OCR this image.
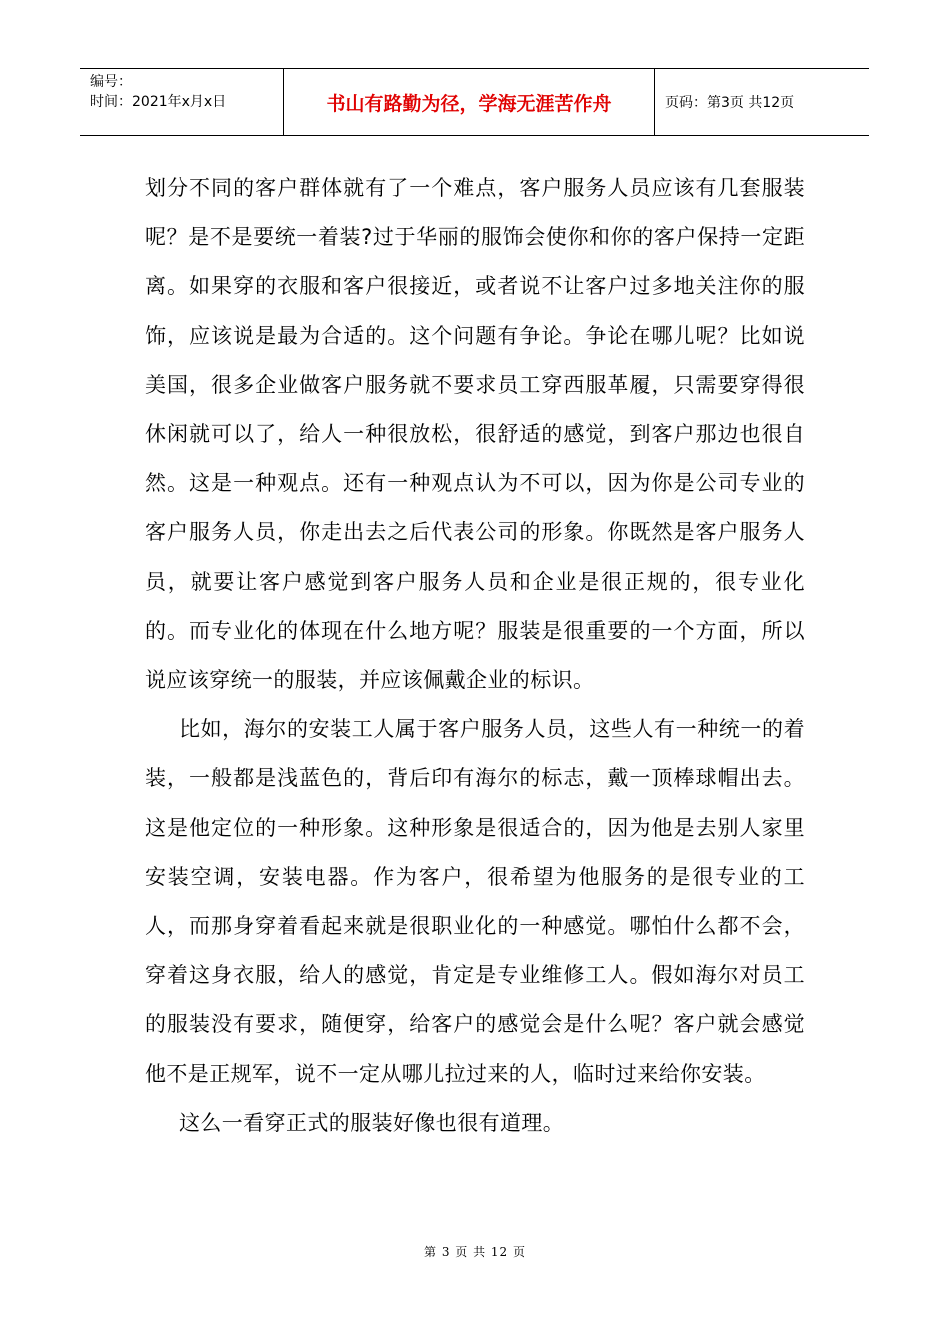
编号：
时间：2021年x月x日	书山有路勤为径，学海无涯苦作舟	页码：第3页 共12页

划分不同的客户群体就有了一个难点，客户服务人员应该有几套服装呢？是不是要统一着装?过于华丽的服饰会使你和你的客户保持一定距离。如果穿的衣服和客户很接近，或者说不让客户过多地关注你的服饰，应该说是最为合适的。这个问题有争论。争论在哪儿呢？比如说美国，很多企业做客户服务就不要求员工穿西服革履，只需要穿得很休闲就可以了，给人一种很放松，很舒适的感觉，到客户那边也很自然。这是一种观点。还有一种观点认为不可以，因为你是公司专业的客户服务人员，你走出去之后代表公司的形象。你既然是客户服务人员，就要让客户感觉到客户服务人员和企业是很正规的，很专业化的。而专业化的体现在什么地方呢？服装是很重要的一个方面，所以说应该穿统一的服装，并应该佩戴企业的标识。

比如，海尔的安装工人属于客户服务人员，这些人有一种统一的着装，一般都是浅蓝色的，背后印有海尔的标志，戴一顶棒球帽出去。这是他定位的一种形象。这种形象是很适合的，因为他是去别人家里安装空调，安装电器。作为客户，很希望为他服务的是很专业的工人，而那身穿着看起来就是很职业化的一种感觉。哪怕什么都不会，穿着这身衣服，给人的感觉，肯定是专业维修工人。假如海尔对员工的服装没有要求，随便穿，给客户的感觉会是什么呢？客户就会感觉他不是正规军，说不一定从哪儿拉过来的人，临时过来给你安装。

这么一看穿正式的服装好像也很有道理。

第 3 页 共 12 页
